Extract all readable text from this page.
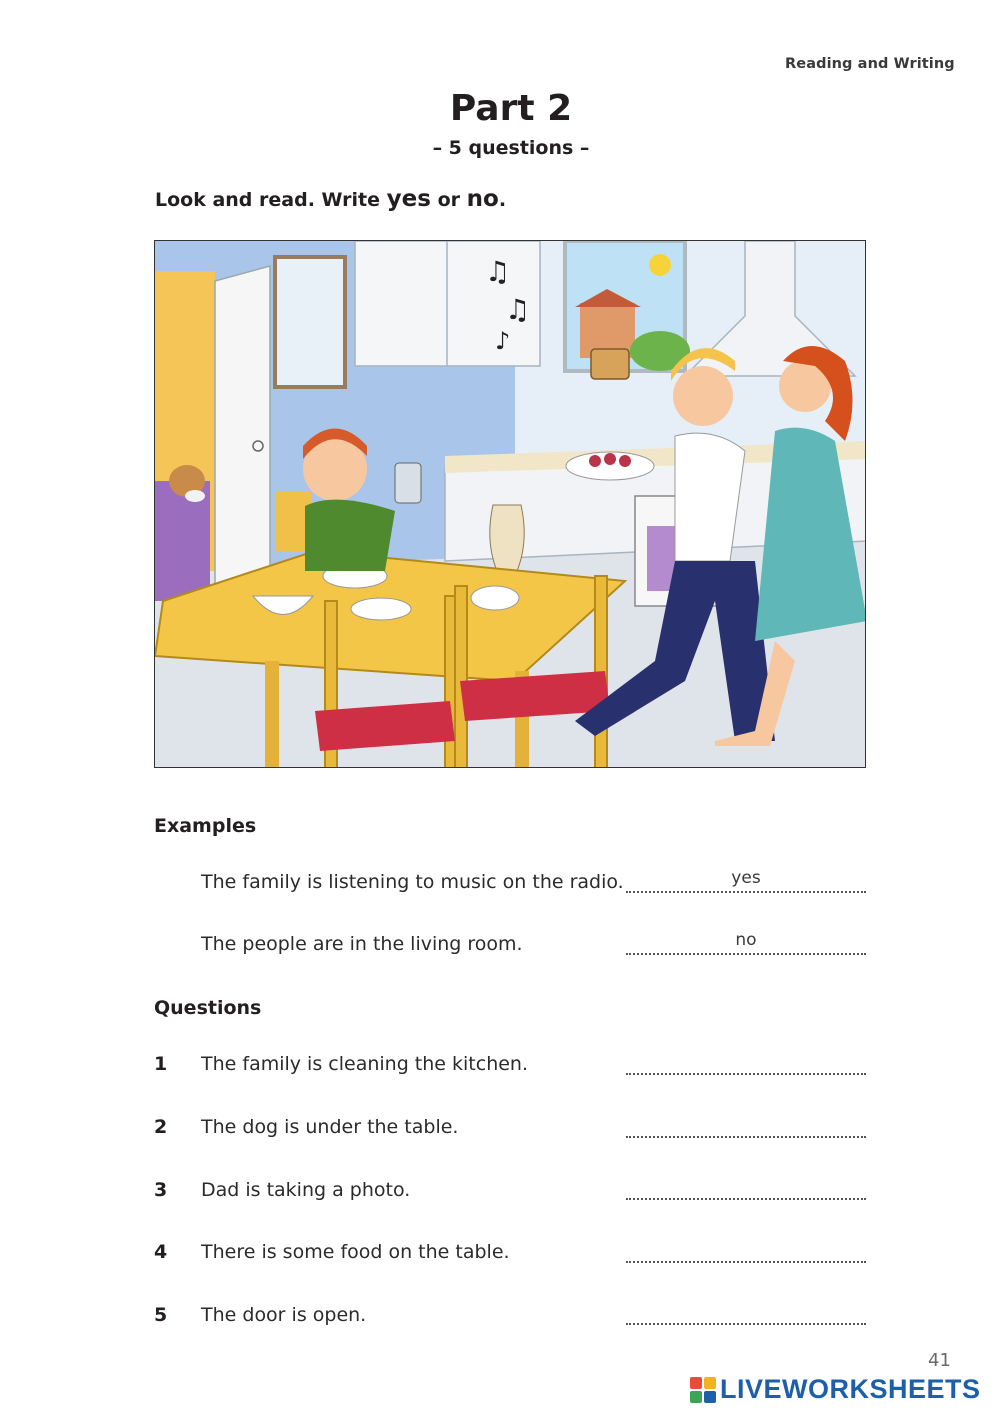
Reading and Writing
Part 2
– 5 questions –
Look and read. Write yes or no.
♫
♫
♪
Examples
The family is listening to music on the radio.	yes
The people are in the living room.	no
Questions
1 The family is cleaning the kitchen.
2 The dog is under the table.
3 Dad is taking a photo.
4 There is some food on the table.
5 The door is open.
41
LIVEWORKSHEETS
